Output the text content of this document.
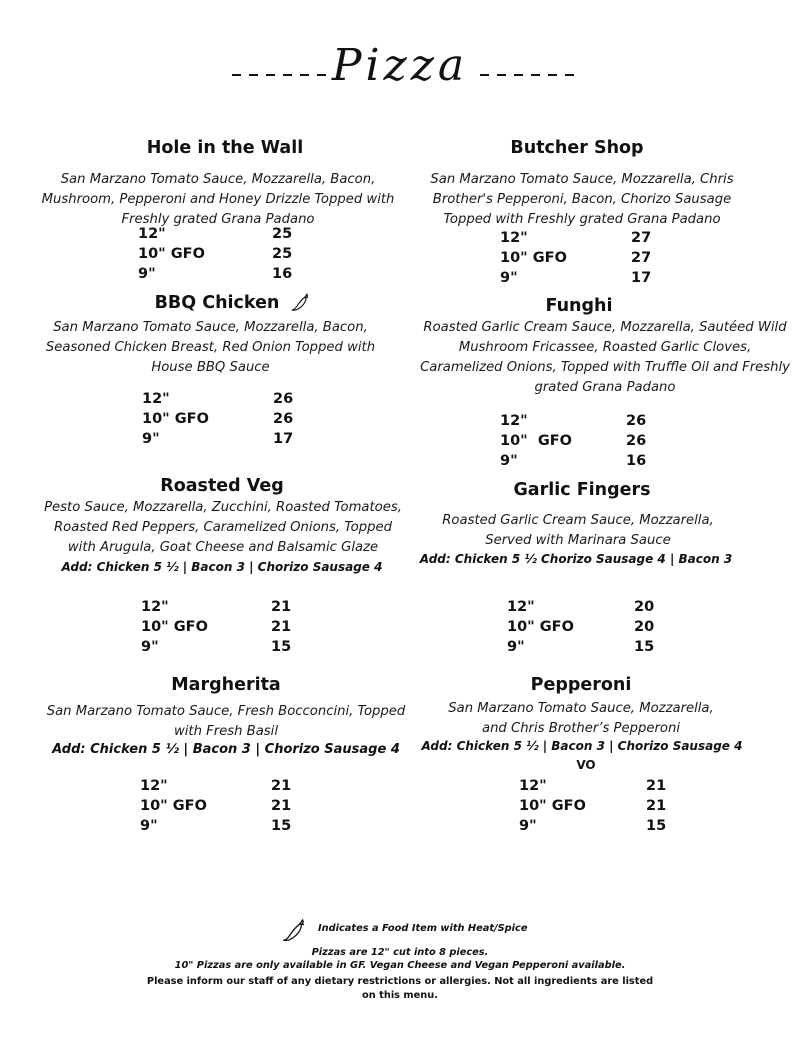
Pizza
Hole in the Wall
San Marzano Tomato Sauce, Mozzarella, Bacon, Mushroom, Pepperoni and Honey Drizzle Topped with Freshly grated Grana Padano
12"	25
10" GFO	25
9"	16
Butcher Shop
San Marzano Tomato Sauce, Mozzarella, Chris Brother's Pepperoni, Bacon, Chorizo Sausage Topped with Freshly grated Grana Padano
12"	27
10" GFO	27
9"	17
BBQ Chicken
San Marzano Tomato Sauce, Mozzarella, Bacon, Seasoned Chicken Breast, Red Onion Topped with House BBQ Sauce
12"	26
10" GFO	26
9"	17
Funghi
Roasted Garlic Cream Sauce, Mozzarella, Sautéed Wild Mushroom Fricassee, Roasted Garlic Cloves, Caramelized Onions, Topped with Truffle Oil and Freshly grated Grana Padano
12"	26
10"  GFO	26
9"	16
Roasted Veg
Pesto Sauce, Mozzarella, Zucchini, Roasted Tomatoes, Roasted Red Peppers, Caramelized Onions, Topped with Arugula, Goat Cheese and Balsamic Glaze
Add: Chicken 5 ½ | Bacon 3 | Chorizo Sausage 4
12"	21
10" GFO	21
9"	15
Garlic Fingers
Roasted Garlic Cream Sauce, Mozzarella, Served with Marinara Sauce
Add: Chicken 5 ½ Chorizo Sausage 4 | Bacon 3
12"	20
10" GFO	20
9"	15
Margherita
San Marzano Tomato Sauce, Fresh Bocconcini, Topped with Fresh Basil
Add: Chicken 5 ½ | Bacon 3 | Chorizo Sausage 4
12"	21
10" GFO	21
9"	15
Pepperoni
San Marzano Tomato Sauce, Mozzarella, and Chris Brother’s Pepperoni
Add: Chicken 5 ½ | Bacon 3 | Chorizo Sausage 4
VO
12"	21
10" GFO	21
9"	15
Indicates a Food Item with Heat/Spice
Pizzas are 12" cut into 8 pieces.
10" Pizzas are only available in GF. Vegan Cheese and Vegan Pepperoni available.
Please inform our staff of any dietary restrictions or allergies. Not all ingredients are listed on this menu.
